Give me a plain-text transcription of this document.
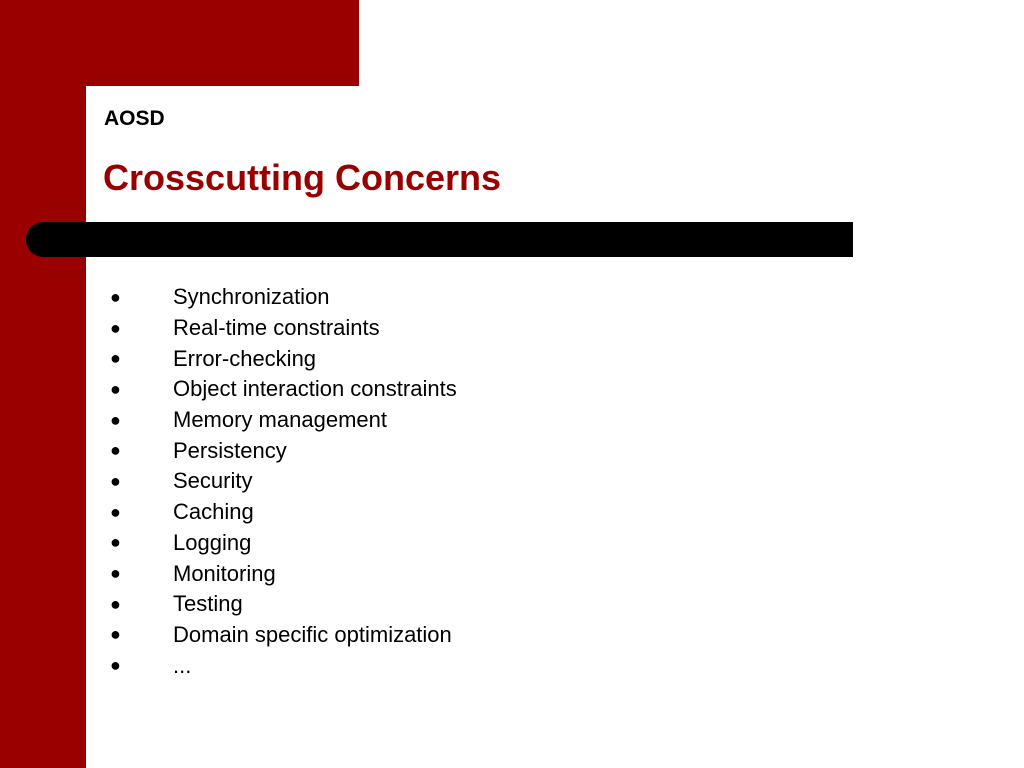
AOSD
Crosscutting Concerns
●	Synchronization
●	Real-time constraints
●	Error-checking
●	Object interaction constraints
●	Memory management
●	Persistency
●	Security
●	Caching
●	Logging
●	Monitoring
●	Testing
●	Domain specific optimization
●	...
